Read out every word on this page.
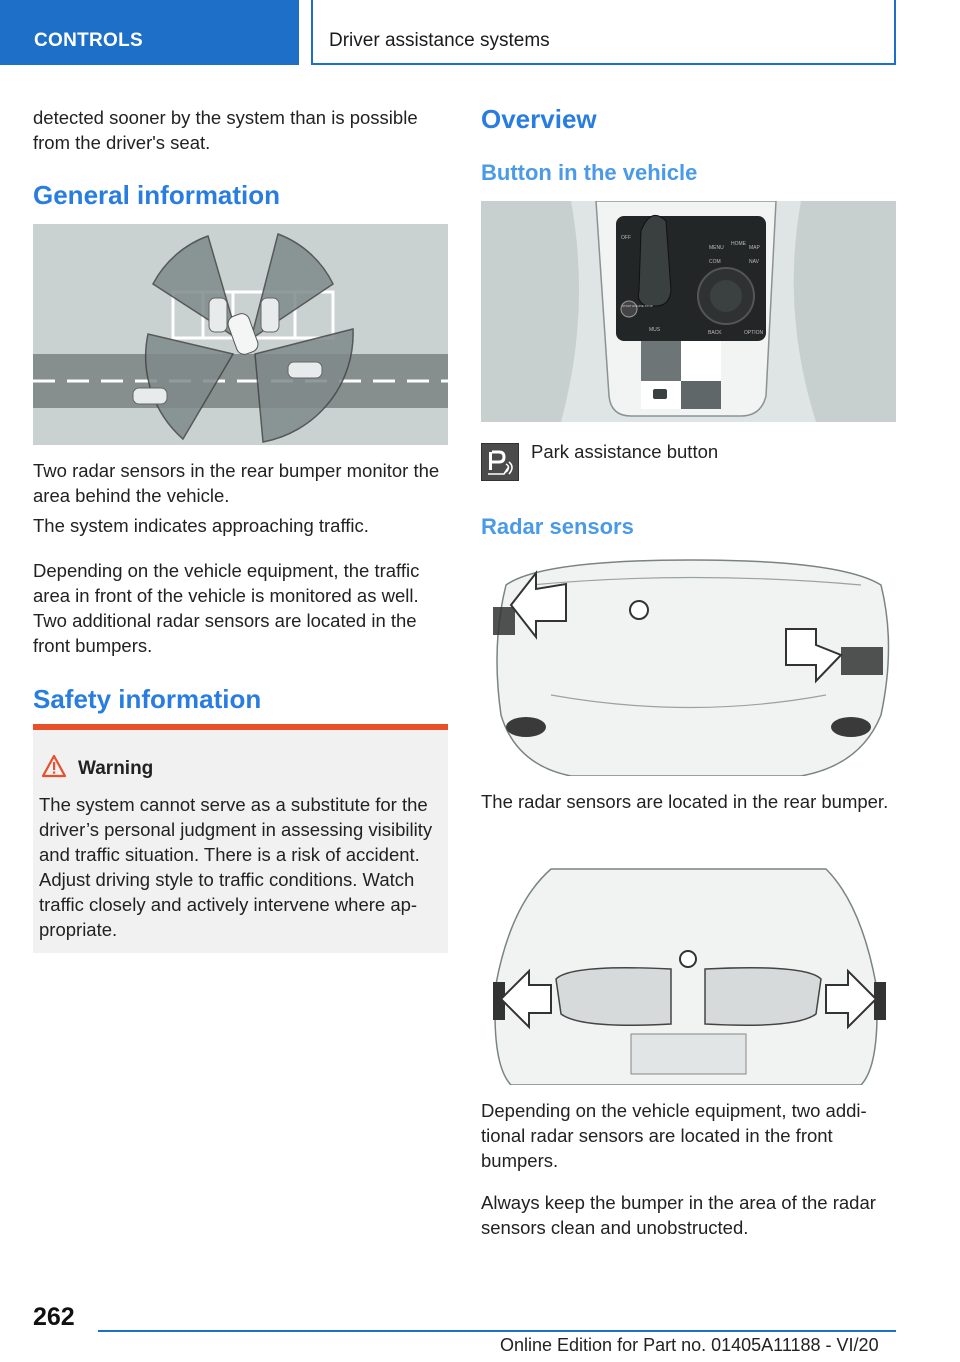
CONTROLS	Driver assistance systems
detected sooner by the system than is possible from the driver's seat.
General information
Two radar sensors in the rear bumper monitor the area behind the vehicle.
The system indicates approaching traffic.
Depending on the vehicle equipment, the traffic area in front of the vehicle is monitored as well. Two additional radar sensors are located in the front bumpers.
Safety information
Warning
The system cannot serve as a substitute for the driver’s personal judgment in assessing visibility and traffic situation. There is a risk of accident. Adjust driving style to traffic conditions. Watch traffic closely and actively intervene where ap-propriate.
Overview
Button in the vehicle
MENU
HOME
MAP
COM	NAV
OFF
START ENGINE STOP
BACK	OPTION
MUS
Park assistance button
Radar sensors
The radar sensors are located in the rear bumper.
Depending on the vehicle equipment, two addi-tional radar sensors are located in the front bumpers.
Always keep the bumper in the area of the radar sensors clean and unobstructed.
262
Online Edition for Part no. 01405A11188 - VI/20
